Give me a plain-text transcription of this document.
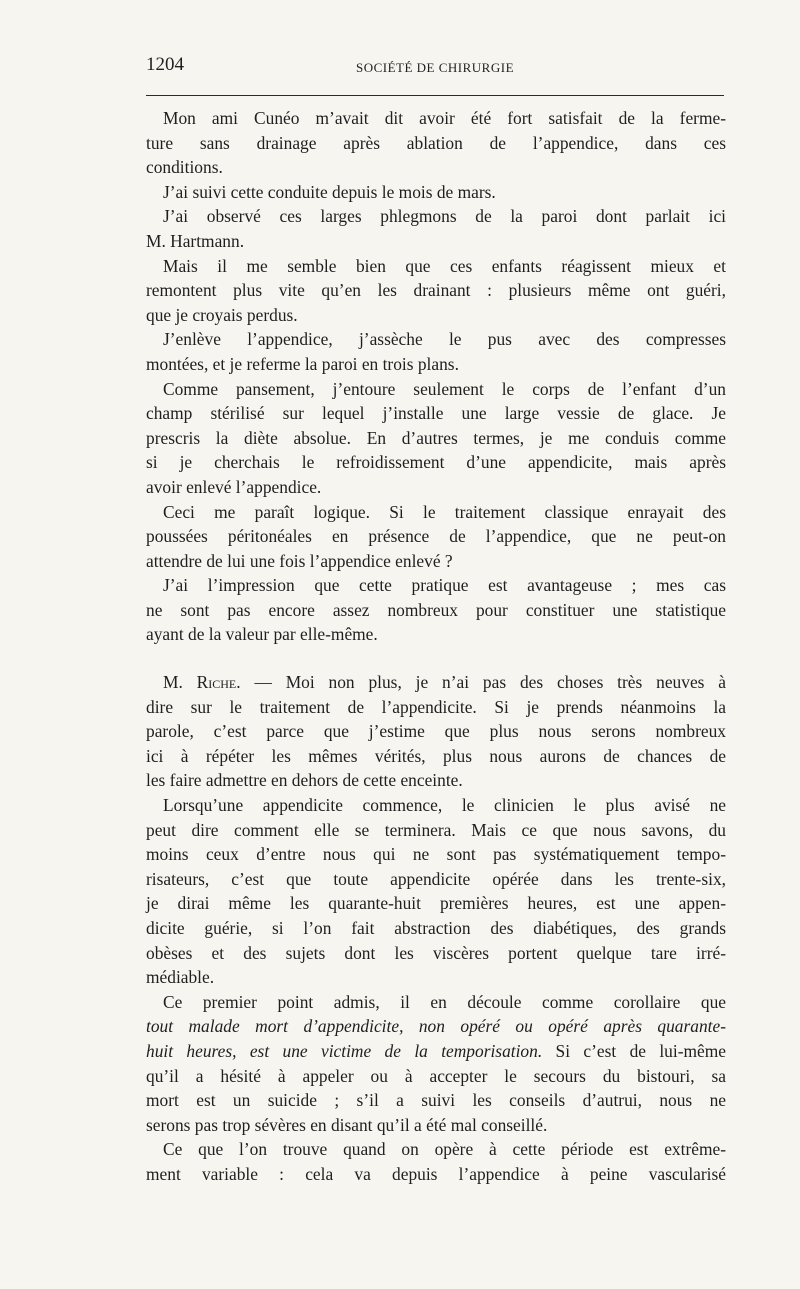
1204	SOCIÉTÉ DE CHIRURGIE
Mon ami Cunéo m’avait dit avoir été fort satisfait de la ferme-
ture sans drainage après ablation de l’appendice, dans ces
conditions.
J’ai suivi cette conduite depuis le mois de mars.
J’ai observé ces larges phlegmons de la paroi dont parlait ici
M. Hartmann.
Mais il me semble bien que ces enfants réagissent mieux et
remontent plus vite qu’en les drainant : plusieurs même ont guéri,
que je croyais perdus.
J’enlève l’appendice, j’assèche le pus avec des compresses
montées, et je referme la paroi en trois plans.
Comme pansement, j’entoure seulement le corps de l’enfant d’un
champ stérilisé sur lequel j’installe une large vessie de glace. Je
prescris la diète absolue. En d’autres termes, je me conduis comme
si je cherchais le refroidissement d’une appendicite, mais après
avoir enlevé l’appendice.
Ceci me paraît logique. Si le traitement classique enrayait des
poussées péritonéales en présence de l’appendice, que ne peut-on
attendre de lui une fois l’appendice enlevé ?
J’ai l’impression que cette pratique est avantageuse ; mes cas
ne sont pas encore assez nombreux pour constituer une statistique
ayant de la valeur par elle-même.
M. Riche. — Moi non plus, je n’ai pas des choses très neuves à
dire sur le traitement de l’appendicite. Si je prends néanmoins la
parole, c’est parce que j’estime que plus nous serons nombreux
ici à répéter les mêmes vérités, plus nous aurons de chances de
les faire admettre en dehors de cette enceinte.
Lorsqu’une appendicite commence, le clinicien le plus avisé ne
peut dire comment elle se terminera. Mais ce que nous savons, du
moins ceux d’entre nous qui ne sont pas systématiquement tempo-
risateurs, c’est que toute appendicite opérée dans les trente-six,
je dirai même les quarante-huit premières heures, est une appen-
dicite guérie, si l’on fait abstraction des diabétiques, des grands
obèses et des sujets dont les viscères portent quelque tare irré-
médiable.
Ce premier point admis, il en découle comme corollaire que
tout malade mort d’appendicite, non opéré ou opéré après quarante-
huit heures, est une victime de la temporisation. Si c’est de lui-même
qu’il a hésité à appeler ou à accepter le secours du bistouri, sa
mort est un suicide ; s’il a suivi les conseils d’autrui, nous ne
serons pas trop sévères en disant qu’il a été mal conseillé.
Ce que l’on trouve quand on opère à cette période est extrême-
ment variable : cela va depuis l’appendice à peine vascularisé
